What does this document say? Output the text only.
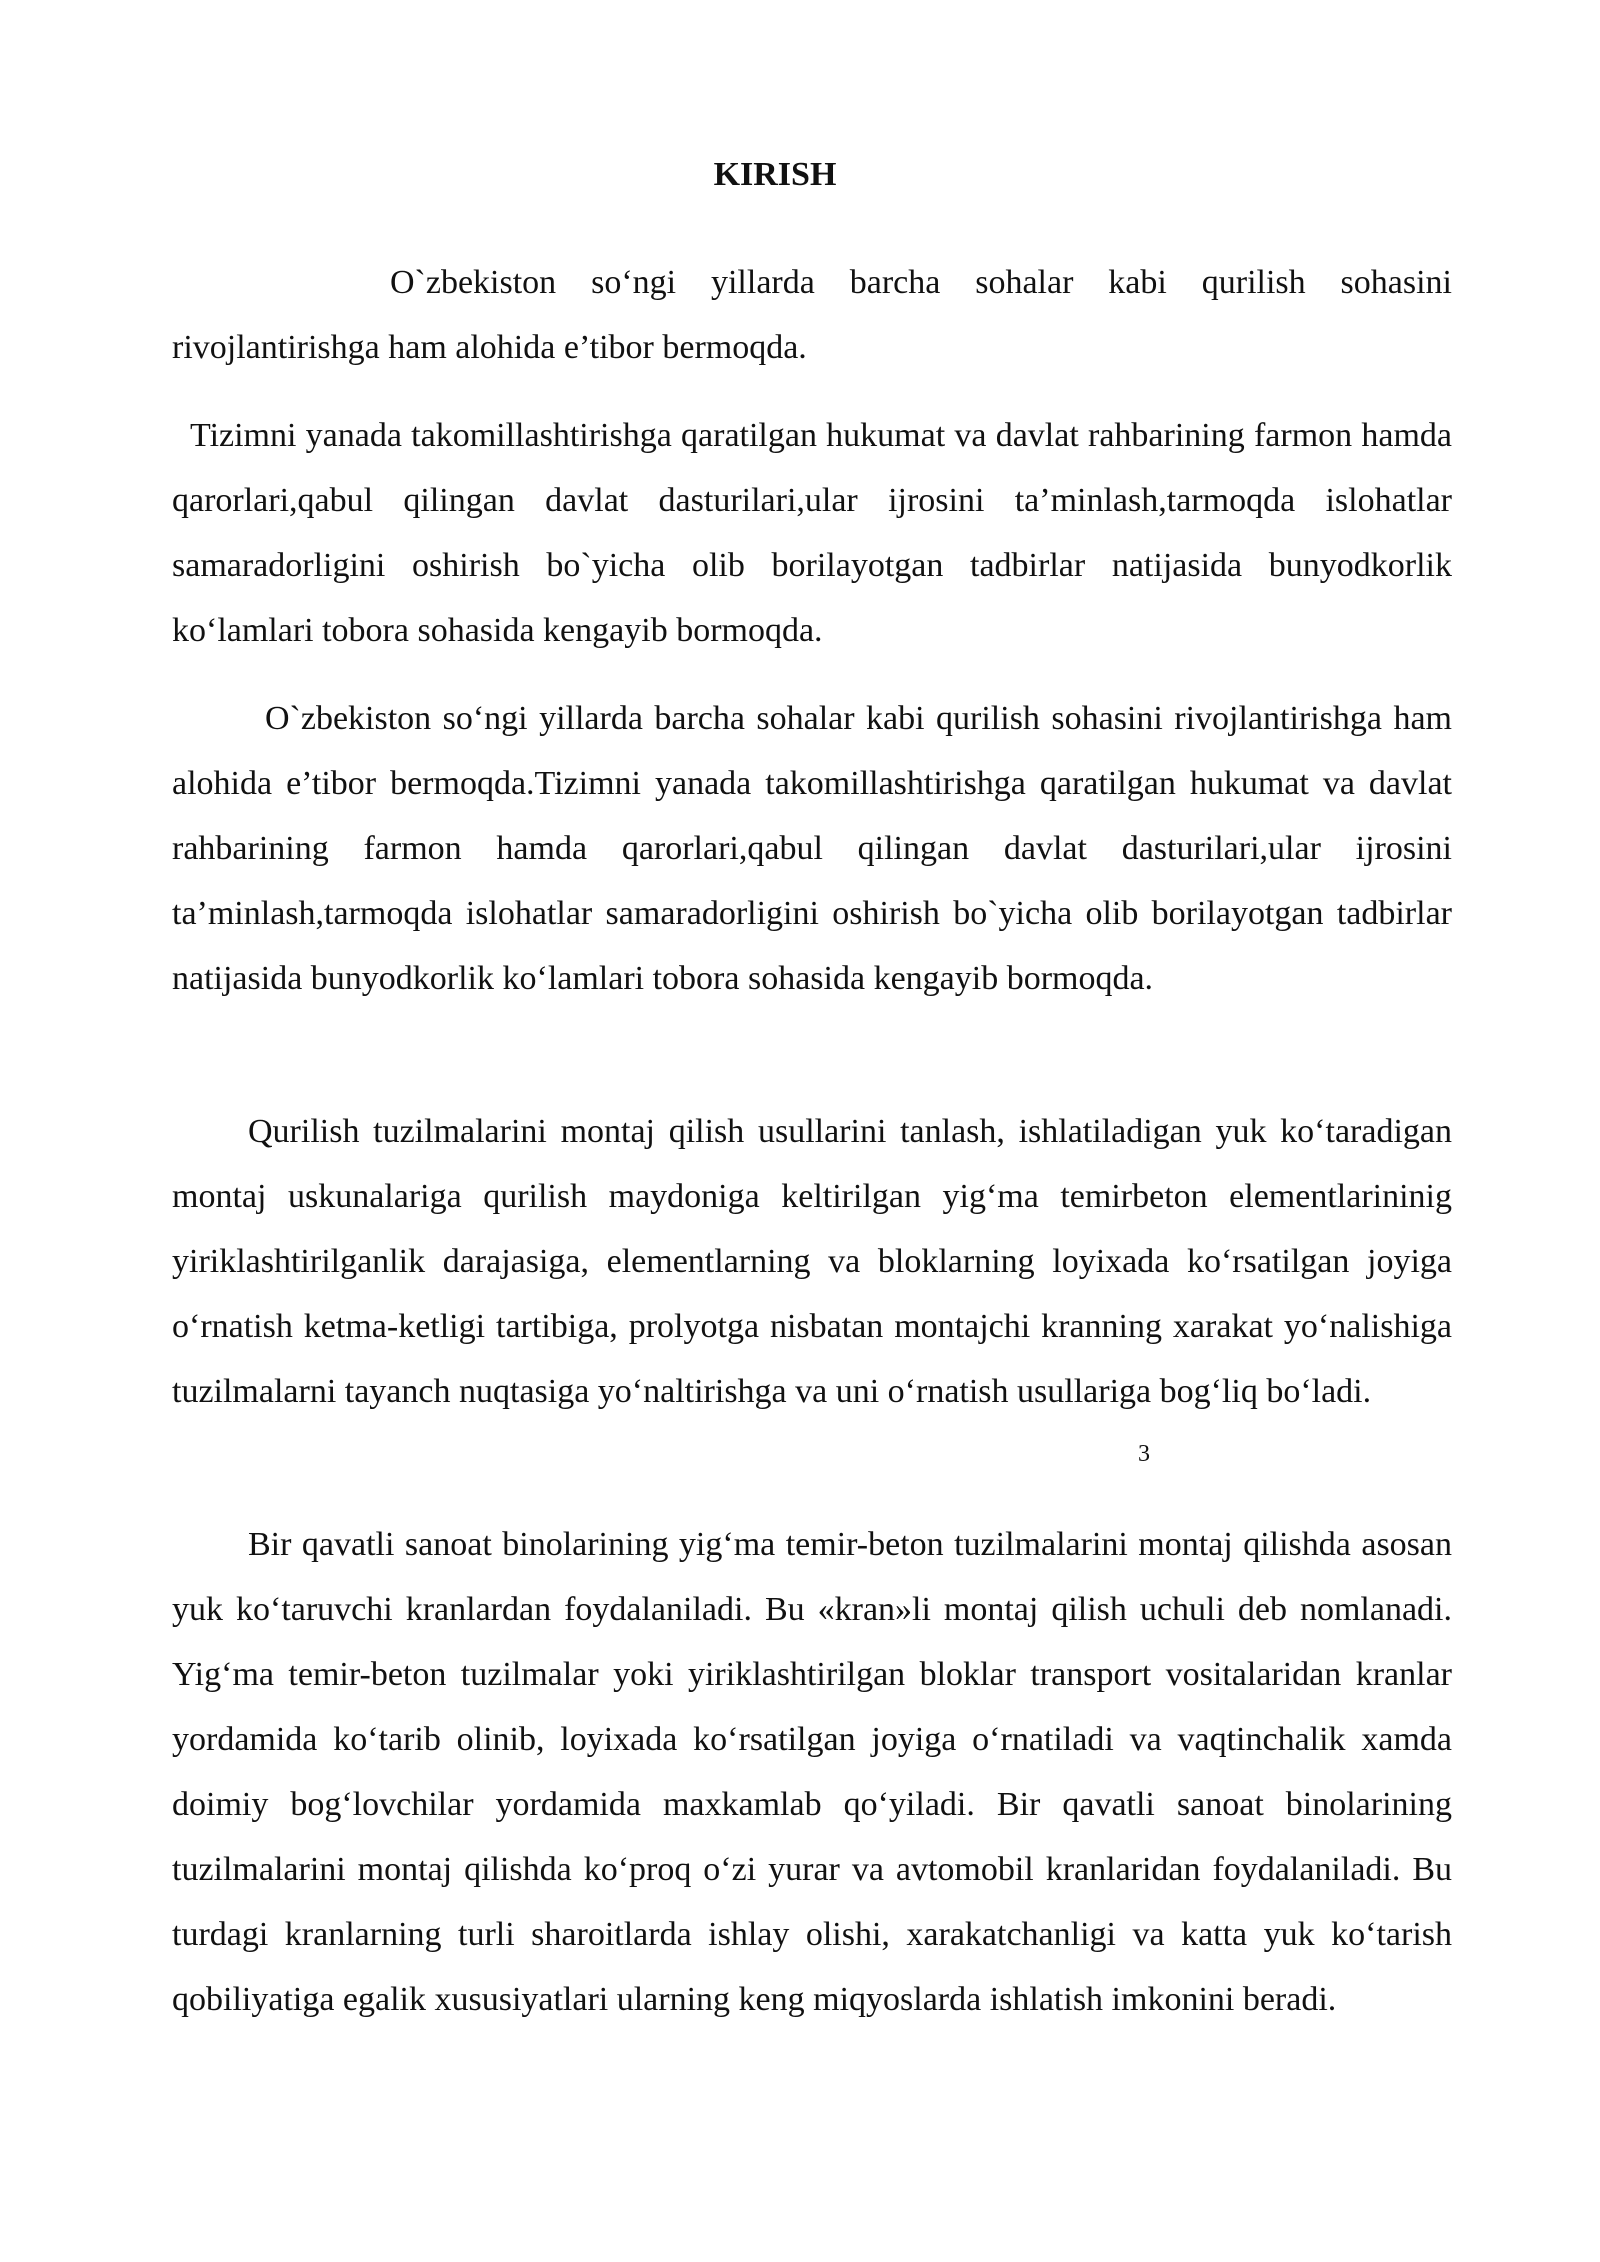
KIRISH

O`zbekiston so‘ngi yillarda barcha sohalar kabi qurilish sohasini rivojlantirishga ham alohida e’tibor bermoqda.

Tizimni yanada takomillashtirishga qaratilgan hukumat va davlat rahbarining farmon hamda qarorlari,qabul qilingan davlat dasturilari,ular ijrosini ta’minlash,tarmoqda islohatlar samaradorligini oshirish bo`yicha olib borilayotgan tadbirlar natijasida bunyodkorlik ko‘lamlari tobora sohasida kengayib bormoqda.

O`zbekiston so‘ngi yillarda barcha sohalar kabi qurilish sohasini rivojlantirishga ham alohida e’tibor bermoqda.Tizimni yanada takomillashtirishga qaratilgan hukumat va davlat rahbarining farmon hamda qarorlari,qabul qilingan davlat dasturilari,ular ijrosini ta’minlash,tarmoqda islohatlar samaradorligini oshirish bo`yicha olib borilayotgan tadbirlar natijasida bunyodkorlik ko‘lamlari tobora sohasida kengayib bormoqda.

Qurilish tuzilmalarini montaj qilish usullarini tanlash, ishlatiladigan yuk ko‘taradigan montaj uskunalariga qurilish maydoniga keltirilgan yig‘ma temirbeton elementlarininig yiriklashtirilganlik darajasiga, elementlarning va bloklarning loyixada ko‘rsatilgan joyiga o‘rnatish ketma-ketligi tartibiga, prolyotga nisbatan montajchi kranning xarakat yo‘nalishiga tuzilmalarni tayanch nuqtasiga yo‘naltirishga va uni o‘rnatish usullariga bog‘liq bo‘ladi.

3

Bir qavatli sanoat binolarining yig‘ma temir-beton tuzilmalarini montaj qilishda asosan yuk ko‘taruvchi kranlardan foydalaniladi. Bu «kran»li montaj qilish uchuli deb nomlanadi. Yig‘ma temir-beton tuzilmalar yoki yiriklashtirilgan bloklar transport vositalaridan kranlar yordamida ko‘tarib olinib, loyixada ko‘rsatilgan joyiga o‘rnatiladi va vaqtinchalik xamda doimiy bog‘lovchilar yordamida maxkamlab qo‘yiladi. Bir qavatli sanoat binolarining tuzilmalarini montaj qilishda ko‘proq o‘zi yurar va avtomobil kranlaridan foydalaniladi. Bu turdagi kranlarning turli sharoitlarda ishlay olishi, xarakatchanligi va katta yuk ko‘tarish qobiliyatiga egalik xususiyatlari ularning keng miqyoslarda ishlatish imkonini beradi.
